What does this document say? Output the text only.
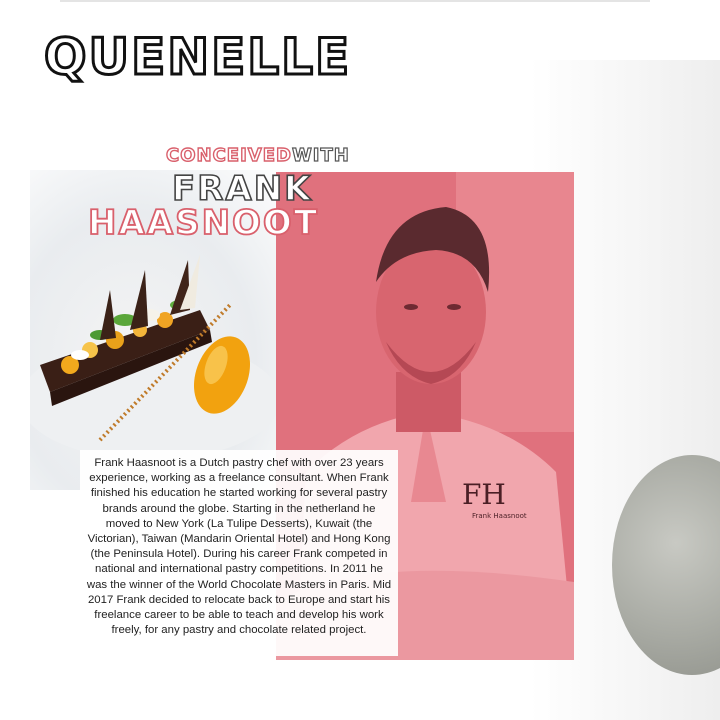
QUENELLE
FH
Frank Haasnoot
CONCEIVEDWITH
FRANK
HAASNOOT
Frank Haasnoot is a Dutch pastry chef with over 23 years experience, working as a freelance consultant. When Frank finished his education he started working for several pastry brands around the globe. Starting in the netherland he moved to New York (La Tulipe Desserts), Kuwait (the Victorian), Taiwan (Mandarin Oriental Hotel) and Hong Kong (the Peninsula Hotel). During his career Frank competed in national and international pastry competitions. In 2011 he was the winner of the World Chocolate Masters in Paris. Mid 2017 Frank decided to relocate back to Europe and start his freelance career to be able to teach and develop his work freely, for any pastry and chocolate related project.
